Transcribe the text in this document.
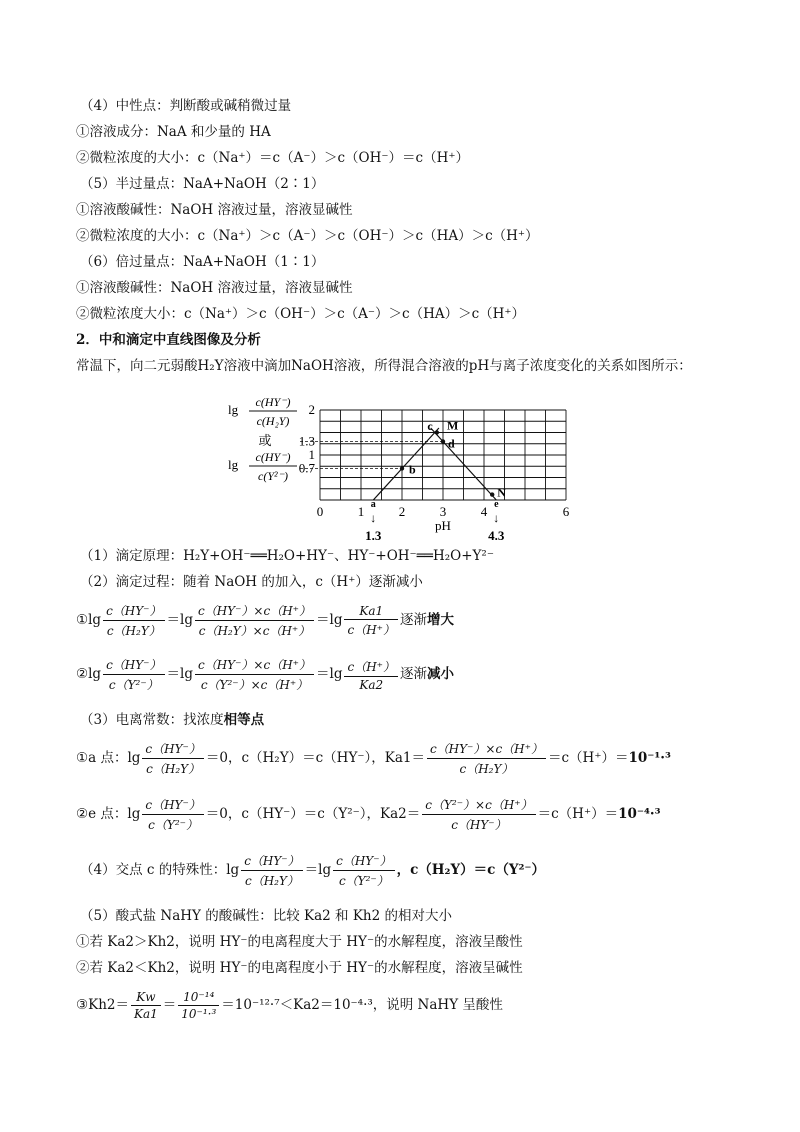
（4）中性点：判断酸或碱稍微过量
①溶液成分：NaA 和少量的 HA
②微粒浓度的大小：c（Na⁺）＝c（A⁻）＞c（OH⁻）＝c（H⁺）
（5）半过量点：NaA+NaOH（2∶1）
①溶液酸碱性：NaOH 溶液过量，溶液显碱性
②微粒浓度的大小：c（Na⁺）＞c（A⁻）＞c（OH⁻）＞c（HA）＞c（H⁺）
（6）倍过量点：NaA+NaOH（1∶1）
①溶液酸碱性：NaOH 溶液过量，溶液显碱性
②微粒浓度大小：c（Na⁺）＞c（OH⁻）＞c（A⁻）＞c（HA）＞c（H⁺）
2．中和滴定中直线图像及分析
常温下，向二元弱酸H₂Y溶液中滴加NaOH溶液，所得混合溶液的pH与离子浓度变化的关系如图所示：
lg c(HY⁻)
c(H₂Y)
或
lg c(HY⁻)
c(Y²⁻)
2
1.3
1
0.7
0	1	2	3	4	6
pH
a
↓
1.3
e
↓
4.3
b
c
d
M
N
（1）滴定原理：H₂Y+OH⁻══H₂O+HY⁻、HY⁻+OH⁻══H₂O+Y²⁻
（2）滴定过程：随着 NaOH 的加入，c（H⁺）逐渐减小
①lg $\frac{c(HY^-)}{\text{c（H₂Y）}} =\lg \frac{c(HY^-)\times c(H^+)}{\text{c（H₂Y）×c（H⁺）}} =\lg \frac{Ka1}{c(H^+)}$ 逐渐增大
②lg $\frac{c(HY^-)}{\text{c（Y²⁻）}} =\lg \frac{c(HY^-)\times c(H^+)}{\text{c（Y²⁻）×c（H⁺）}} =\lg \frac{c(H^+)}{Ka2}$ 逐渐减小
（3）电离常数：找浓度相等点
①a 点：$\lg \frac{c(HY^-)}{\text{c（H₂Y）}} =0$，c（H₂Y）＝c（HY⁻），$Ka1= \frac{c(HY^-)\times c(H^+)}{\text{c（H₂Y）}} =c(H^+)=10^{-1}\cdot^3$
②e 点：$\lg \frac{c(HY^-)}{\text{c（Y²⁻）}} =0$，c（HY⁻）＝c（Y²⁻），$Ka2= \frac{\text{c（Y²⁻）×c（H⁺）}}{c(HY^-)} =c(H^+)=10^{-4}\cdot^3$
（4）交点 c 的特殊性：$\lg \frac{c(HY^-)}{\text{c（H₂Y）}} =\lg \frac{c(HY^-)}{\text{c（Y²⁻）}}$ ，c（H₂Y）＝c（Y²⁻）
（5）酸式盐 NaHY 的酸碱性：比较 Ka2 和 Kh2 的相对大小
①若 Ka2＞Kh2，说明 HY⁻的电离程度大于 HY⁻的水解程度，溶液呈酸性
②若 Ka2＜Kh2，说明 HY⁻的电离程度小于 HY⁻的水解程度，溶液呈碱性
③Kh2＝ $\frac{Kw}{Ka1} = \frac{\text{10⁻¹⁴}}{\text{10⁻¹·³}} =10^{-12}\cdot^7<Ka2=10^{-4}\cdot^3$，说明 NaHY 呈酸性
